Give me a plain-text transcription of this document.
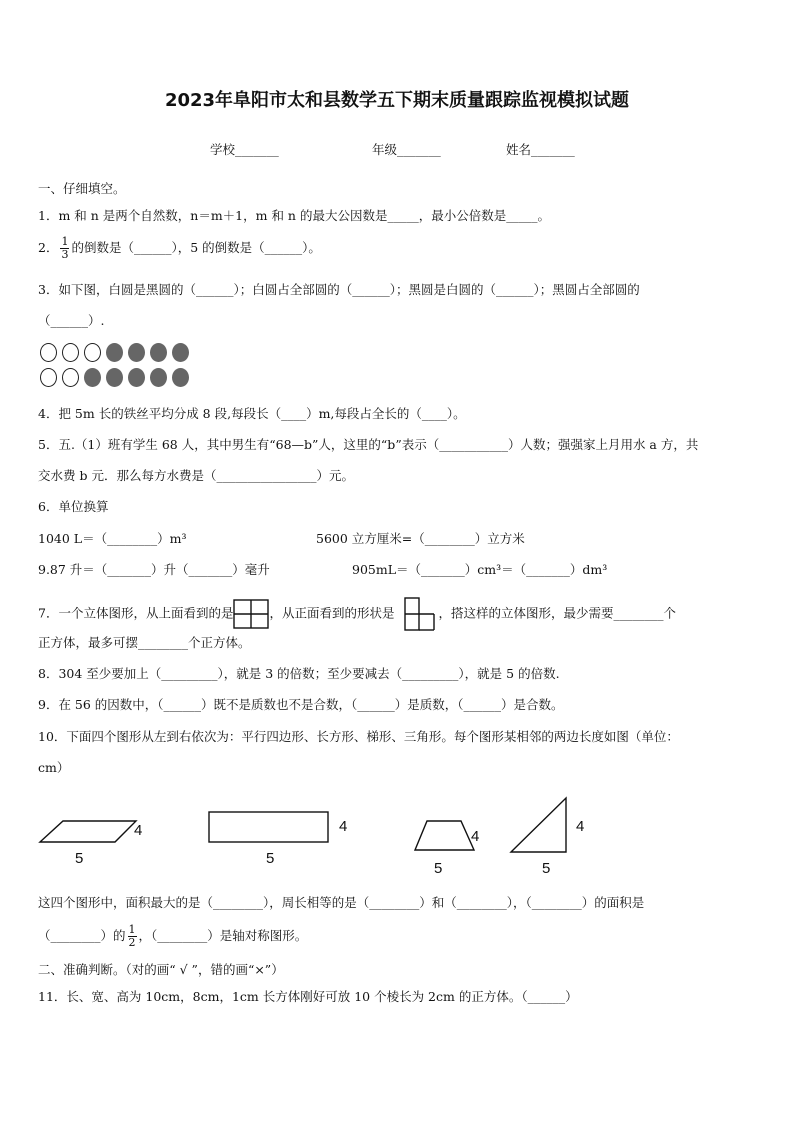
2023年阜阳市太和县数学五下期末质量跟踪监视模拟试题
学校_______	年级_______	姓名_______
一、仔细填空。
1．m 和 n 是两个自然数，n＝m＋1，m 和 n 的最大公因数是_____，最小公倍数是_____。
2． $\frac{1}{3}$ 的倒数是（______），5 的倒数是（______）。
3．如下图，白圆是黑圆的（______）；白圆占全部圆的（______）；黑圆是白圆的（______）；黑圆占全部圆的
（______）.
4．把 5m 长的铁丝平均分成 8 段,每段长（____）m,每段占全长的（____）。
5．五.（1）班有学生 68 人，其中男生有“68—b”人，这里的“b”表示（___________）人数；强强家上月用水 a 方，共
交水费 b 元．那么每方水费是（________________）元。
6．单位换算
1040 L＝（________）m³	5600 立方厘米=（________）立方米
9.87 升＝（_______）升（_______）毫升	905mL＝（_______）cm³＝（_______）dm³
7．一个立体图形，从上面看到的是	，从正面看到的形状是	，搭这样的立体图形，最少需要________个
正方体，最多可摆________个正方体。
8．304 至少要加上（_________），就是 3 的倍数；至少要减去（_________），就是 5 的倍数.
9．在 56 的因数中，（______）既不是质数也不是合数，（______）是质数，（______）是合数。
10．下面四个图形从左到右依次为：平行四边形、长方形、梯形、三角形。每个图形某相邻的两边长度如图（单位：
cm）
4
5
4
5
4
5
4
5
这四个图形中，面积最大的是（________），周长相等的是（________）和（________），（________）的面积是
（________）的 $\frac{1}{2}$ ，（________）是轴对称图形。
二、准确判断。（对的画“ √ ”，错的画“×”）
11．长、宽、高为 10cm，8cm，1cm 长方体刚好可放 10 个棱长为 2cm 的正方体。（______）
